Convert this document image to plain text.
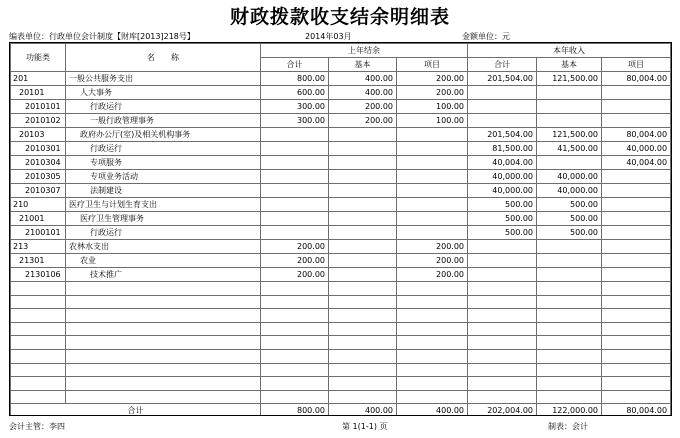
财政拨款收支结余明细表
编表单位：行政单位会计制度【财库[2013]218号】	2014年03月	金额单位：元
功能类	名　　称	上年结余			本年收入		
		合计	基本	项目	合计	基本	项目
201	一般公共服务支出	800.00	400.00	200.00	201,504.00	121,500.00	80,004.00
20101	人大事务	600.00	400.00	200.00			
2010101	行政运行	300.00	200.00	100.00			
2010102	一般行政管理事务	300.00	200.00	100.00			
20103	政府办公厅(室)及相关机构事务				201,504.00	121,500.00	80,004.00
2010301	行政运行				81,500.00	41,500.00	40,000.00
2010304	专项服务				40,004.00		40,004.00
2010305	专项业务活动				40,000.00	40,000.00	
2010307	法制建设				40,000.00	40,000.00	
210	医疗卫生与计划生育支出				500.00	500.00	
21001	医疗卫生管理事务				500.00	500.00	
2100101	行政运行				500.00	500.00	
213	农林水支出	200.00		200.00			
21301	农业	200.00		200.00			
2130106	技术推广	200.00		200.00			

合计		800.00	400.00	400.00	202,004.00	122,000.00	80,004.00
会计主管：李四	第 1(1-1) 页	制表：会计
